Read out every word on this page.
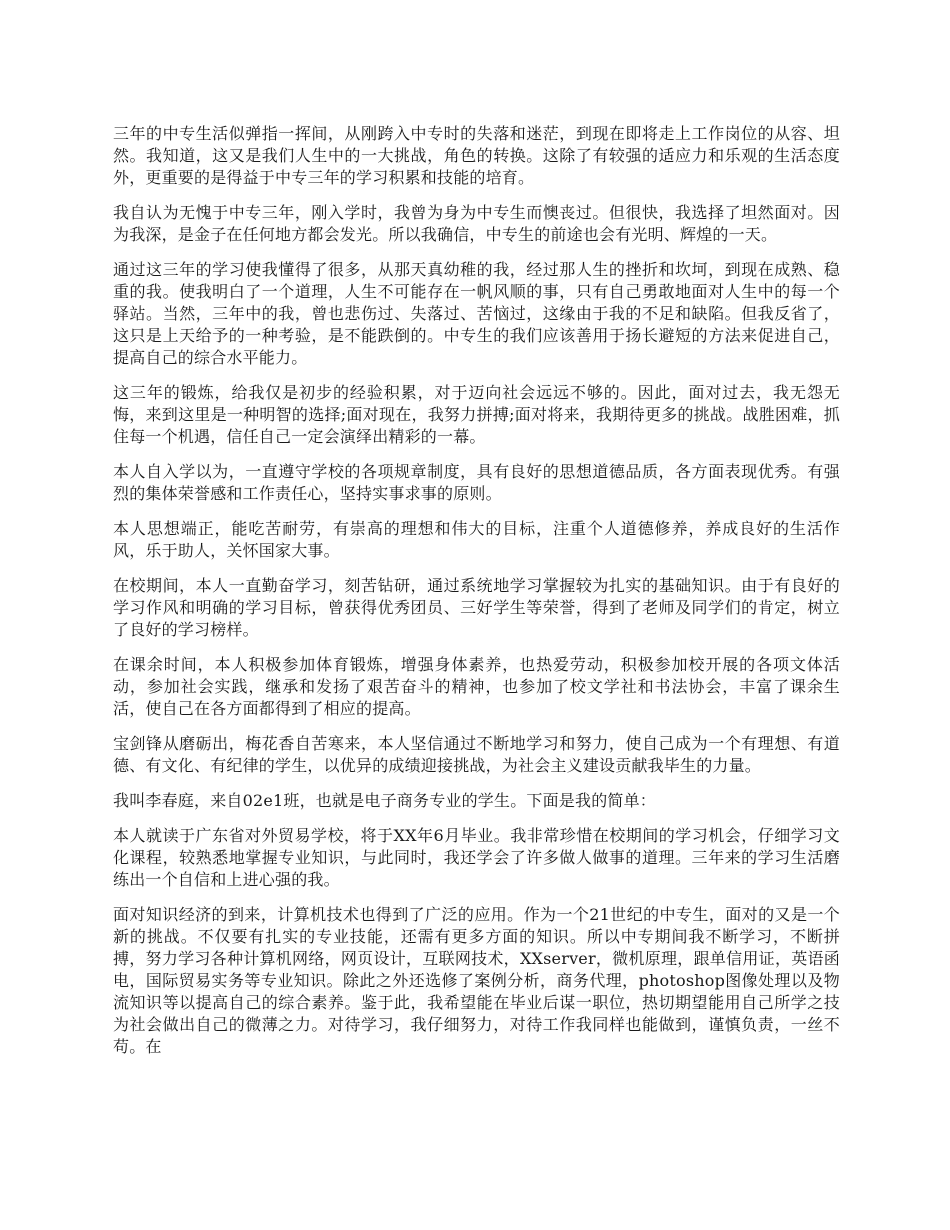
三年的中专生活似弹指一挥间，从刚跨入中专时的失落和迷茫，到现在即将走上工作岗位的从容、坦然。我知道，这又是我们人生中的一大挑战，角色的转换。这除了有较强的适应力和乐观的生活态度外，更重要的是得益于中专三年的学习积累和技能的培育。

我自认为无愧于中专三年，刚入学时，我曾为身为中专生而懊丧过。但很快，我选择了坦然面对。因为我深，是金子在任何地方都会发光。所以我确信，中专生的前途也会有光明、辉煌的一天。

通过这三年的学习使我懂得了很多，从那天真幼稚的我，经过那人生的挫折和坎坷，到现在成熟、稳重的我。使我明白了一个道理，人生不可能存在一帆风顺的事，只有自己勇敢地面对人生中的每一个驿站。当然，三年中的我，曾也悲伤过、失落过、苦恼过，这缘由于我的不足和缺陷。但我反省了，这只是上天给予的一种考验，是不能跌倒的。中专生的我们应该善用于扬长避短的方法来促进自己，提高自己的综合水平能力。

这三年的锻炼，给我仅是初步的经验积累，对于迈向社会远远不够的。因此，面对过去，我无怨无悔，来到这里是一种明智的选择;面对现在，我努力拼搏;面对将来，我期待更多的挑战。战胜困难，抓住每一个机遇，信任自己一定会演绎出精彩的一幕。

本人自入学以为，一直遵守学校的各项规章制度，具有良好的思想道德品质，各方面表现优秀。有强烈的集体荣誉感和工作责任心，坚持实事求事的原则。

本人思想端正，能吃苦耐劳，有崇高的理想和伟大的目标，注重个人道德修养，养成良好的生活作风，乐于助人，关怀国家大事。

在校期间，本人一直勤奋学习，刻苦钻研，通过系统地学习掌握较为扎实的基础知识。由于有良好的学习作风和明确的学习目标，曾获得优秀团员、三好学生等荣誉，得到了老师及同学们的肯定，树立了良好的学习榜样。

在课余时间，本人积极参加体育锻炼，增强身体素养，也热爱劳动，积极参加校开展的各项文体活动，参加社会实践，继承和发扬了艰苦奋斗的精神，也参加了校文学社和书法协会，丰富了课余生活，使自己在各方面都得到了相应的提高。

宝剑锋从磨砺出，梅花香自苦寒来，本人坚信通过不断地学习和努力，使自己成为一个有理想、有道德、有文化、有纪律的学生，以优异的成绩迎接挑战，为社会主义建设贡献我毕生的力量。

我叫李春庭，来自02e1班，也就是电子商务专业的学生。下面是我的简单：

本人就读于广东省对外贸易学校，将于XX年6月毕业。我非常珍惜在校期间的学习机会，仔细学习文化课程，较熟悉地掌握专业知识，与此同时，我还学会了许多做人做事的道理。三年来的学习生活磨练出一个自信和上进心强的我。

面对知识经济的到来，计算机技术也得到了广泛的应用。作为一个21世纪的中专生，面对的又是一个新的挑战。不仅要有扎实的专业技能，还需有更多方面的知识。所以中专期间我不断学习，不断拼搏，努力学习各种计算机网络，网页设计，互联网技术，XXserver，微机原理，跟单信用证，英语函电，国际贸易实务等专业知识。除此之外还选修了案例分析，商务代理，photoshop图像处理以及物流知识等以提高自己的综合素养。鉴于此，我希望能在毕业后谋一职位，热切期望能用自己所学之技为社会做出自己的微薄之力。对待学习，我仔细努力，对待工作我同样也能做到，谨慎负责，一丝不苟。在
